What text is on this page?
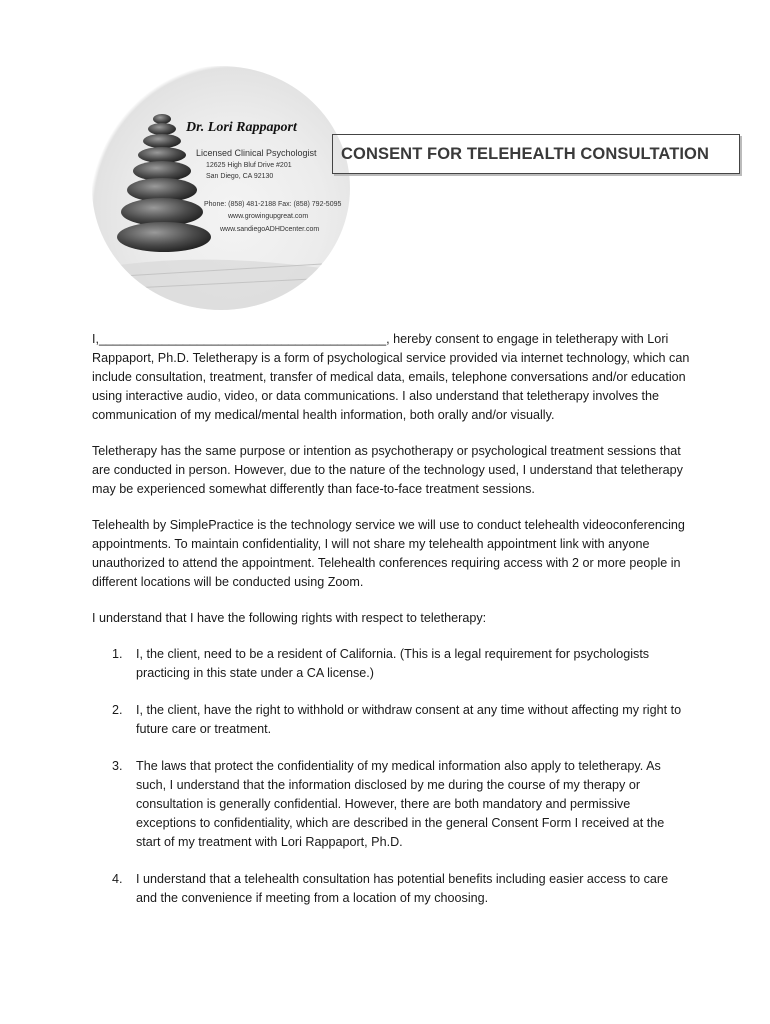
Dr. Lori Rappaport
Licensed Clinical Psychologist
12625 High Bluf Drive #201
San Diego, CA 92130
Phone: (858) 481-2188 Fax: (858) 792-5095
www.growingupgreat.com
www.sandiegoADHDcenter.com
CONSENT FOR TELEHEALTH CONSULTATION

I,_________________________________________, hereby consent to engage in teletherapy with Lori Rappaport, Ph.D. Teletherapy is a form of psychological service provided via internet technology, which can include consultation, treatment, transfer of medical data, emails, telephone conversations and/or education using interactive audio, video, or data communications. I also understand that teletherapy involves the communication of my medical/mental health information, both orally and/or visually.

Teletherapy has the same purpose or intention as psychotherapy or psychological treatment sessions that are conducted in person. However, due to the nature of the technology used, I understand that teletherapy may be experienced somewhat differently than face-to-face treatment sessions.

Telehealth by SimplePractice is the technology service we will use to conduct telehealth videoconferencing appointments. To maintain confidentiality, I will not share my telehealth appointment link with anyone unauthorized to attend the appointment. Telehealth conferences requiring access with 2 or more people in different locations will be conducted using Zoom.

I understand that I have the following rights with respect to teletherapy:

1.	I, the client, need to be a resident of California. (This is a legal requirement for psychologists practicing in this state under a CA license.)
2.	I, the client, have the right to withhold or withdraw consent at any time without affecting my right to future care or treatment.
3.	The laws that protect the confidentiality of my medical information also apply to teletherapy. As such, I understand that the information disclosed by me during the course of my therapy or consultation is generally confidential. However, there are both mandatory and permissive exceptions to confidentiality, which are described in the general Consent Form I received at the start of my treatment with Lori Rappaport, Ph.D.
4.	I understand that a telehealth consultation has potential benefits including easier access to care and the convenience if meeting from a location of my choosing.
